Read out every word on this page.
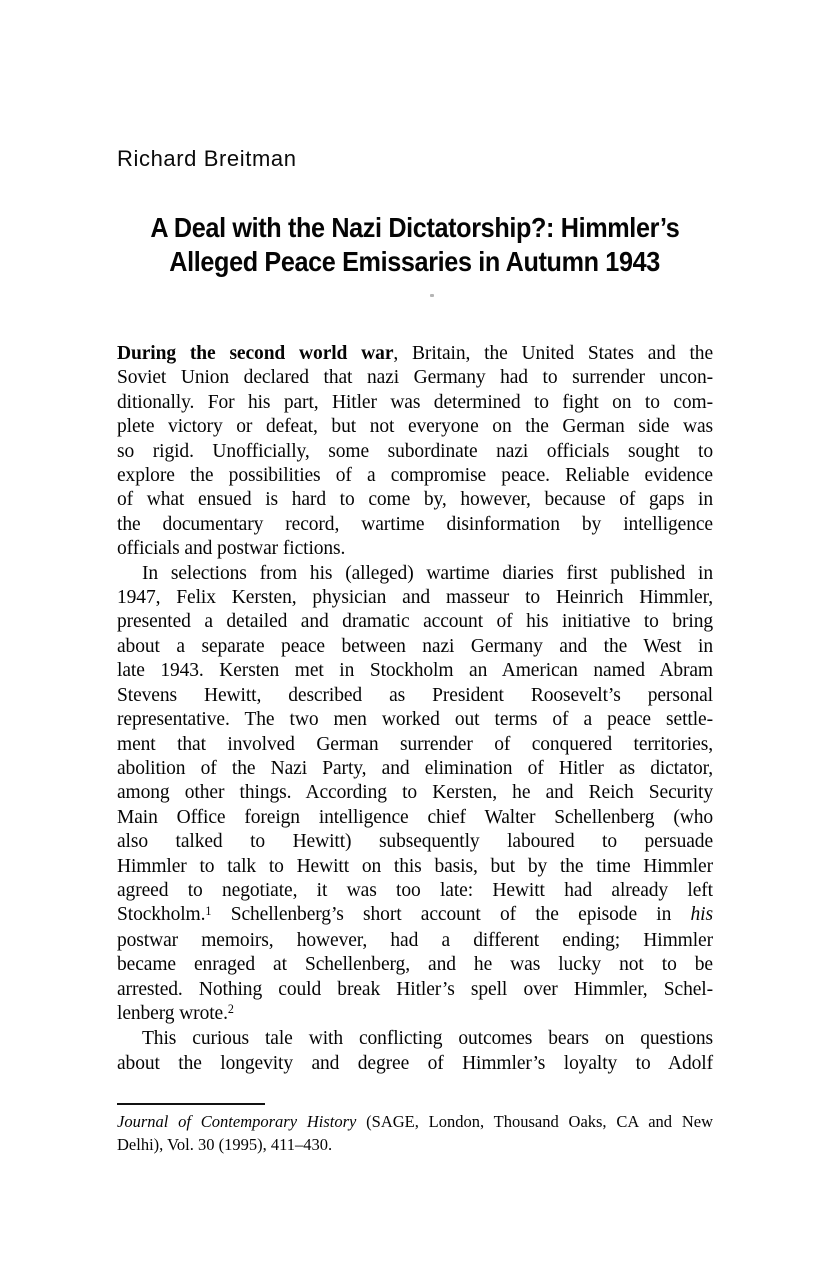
Richard Breitman
A Deal with the Nazi Dictatorship?: Himmler’s
Alleged Peace Emissaries in Autumn 1943
During the second world war, Britain, the United States and the
Soviet Union declared that nazi Germany had to surrender uncon-
ditionally. For his part, Hitler was determined to fight on to com-
plete victory or defeat, but not everyone on the German side was
so rigid. Unofficially, some subordinate nazi officials sought to
explore the possibilities of a compromise peace. Reliable evidence
of what ensued is hard to come by, however, because of gaps in
the documentary record, wartime disinformation by intelligence
officials and postwar fictions.
In selections from his (alleged) wartime diaries first published in
1947, Felix Kersten, physician and masseur to Heinrich Himmler,
presented a detailed and dramatic account of his initiative to bring
about a separate peace between nazi Germany and the West in
late 1943. Kersten met in Stockholm an American named Abram
Stevens Hewitt, described as President Roosevelt’s personal
representative. The two men worked out terms of a peace settle-
ment that involved German surrender of conquered territories,
abolition of the Nazi Party, and elimination of Hitler as dictator,
among other things. According to Kersten, he and Reich Security
Main Office foreign intelligence chief Walter Schellenberg (who
also talked to Hewitt) subsequently laboured to persuade
Himmler to talk to Hewitt on this basis, but by the time Himmler
agreed to negotiate, it was too late: Hewitt had already left
Stockholm.$^1$ Schellenberg’s short account of the episode in his
postwar memoirs, however, had a different ending; Himmler
became enraged at Schellenberg, and he was lucky not to be
arrested. Nothing could break Hitler’s spell over Himmler, Schel-
lenberg wrote.$^2$
This curious tale with conflicting outcomes bears on questions
about the longevity and degree of Himmler’s loyalty to Adolf
Journal of Contemporary History (SAGE, London, Thousand Oaks, CA and New
Delhi), Vol. 30 (1995), 411–430.
